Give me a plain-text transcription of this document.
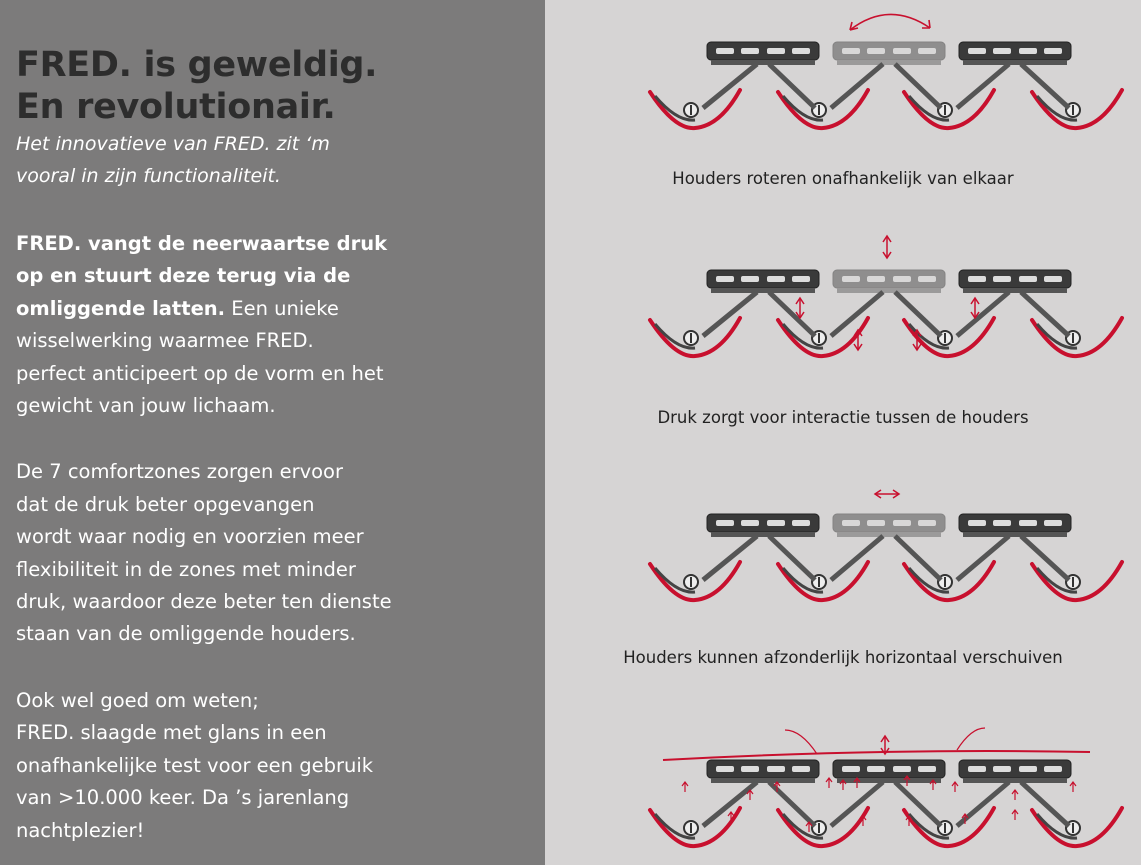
FRED. is geweldig.
En revolutionair.
Het innovatieve van FRED. zit ‘m
vooral in zijn functionaliteit.
FRED. vangt de neerwaartse druk
op en stuurt deze terug via de
omliggende latten. Een unieke
wisselwerking waarmee FRED.
perfect anticipeert op de vorm en het
gewicht van jouw lichaam.
De 7 comfortzones zorgen ervoor
dat de druk beter opgevangen
wordt waar nodig en voorzien meer
flexibiliteit in de zones met minder
druk, waardoor deze beter ten dienste
staan van de omliggende houders.
Ook wel goed om weten;
FRED. slaagde met glans in een
onafhankelijke test voor een gebruik
van >10.000 keer. Da ’s jarenlang
nachtplezier!
Houders roteren onafhankelijk van elkaar
Druk zorgt voor interactie tussen de houders
Houders kunnen afzonderlijk horizontaal verschuiven
